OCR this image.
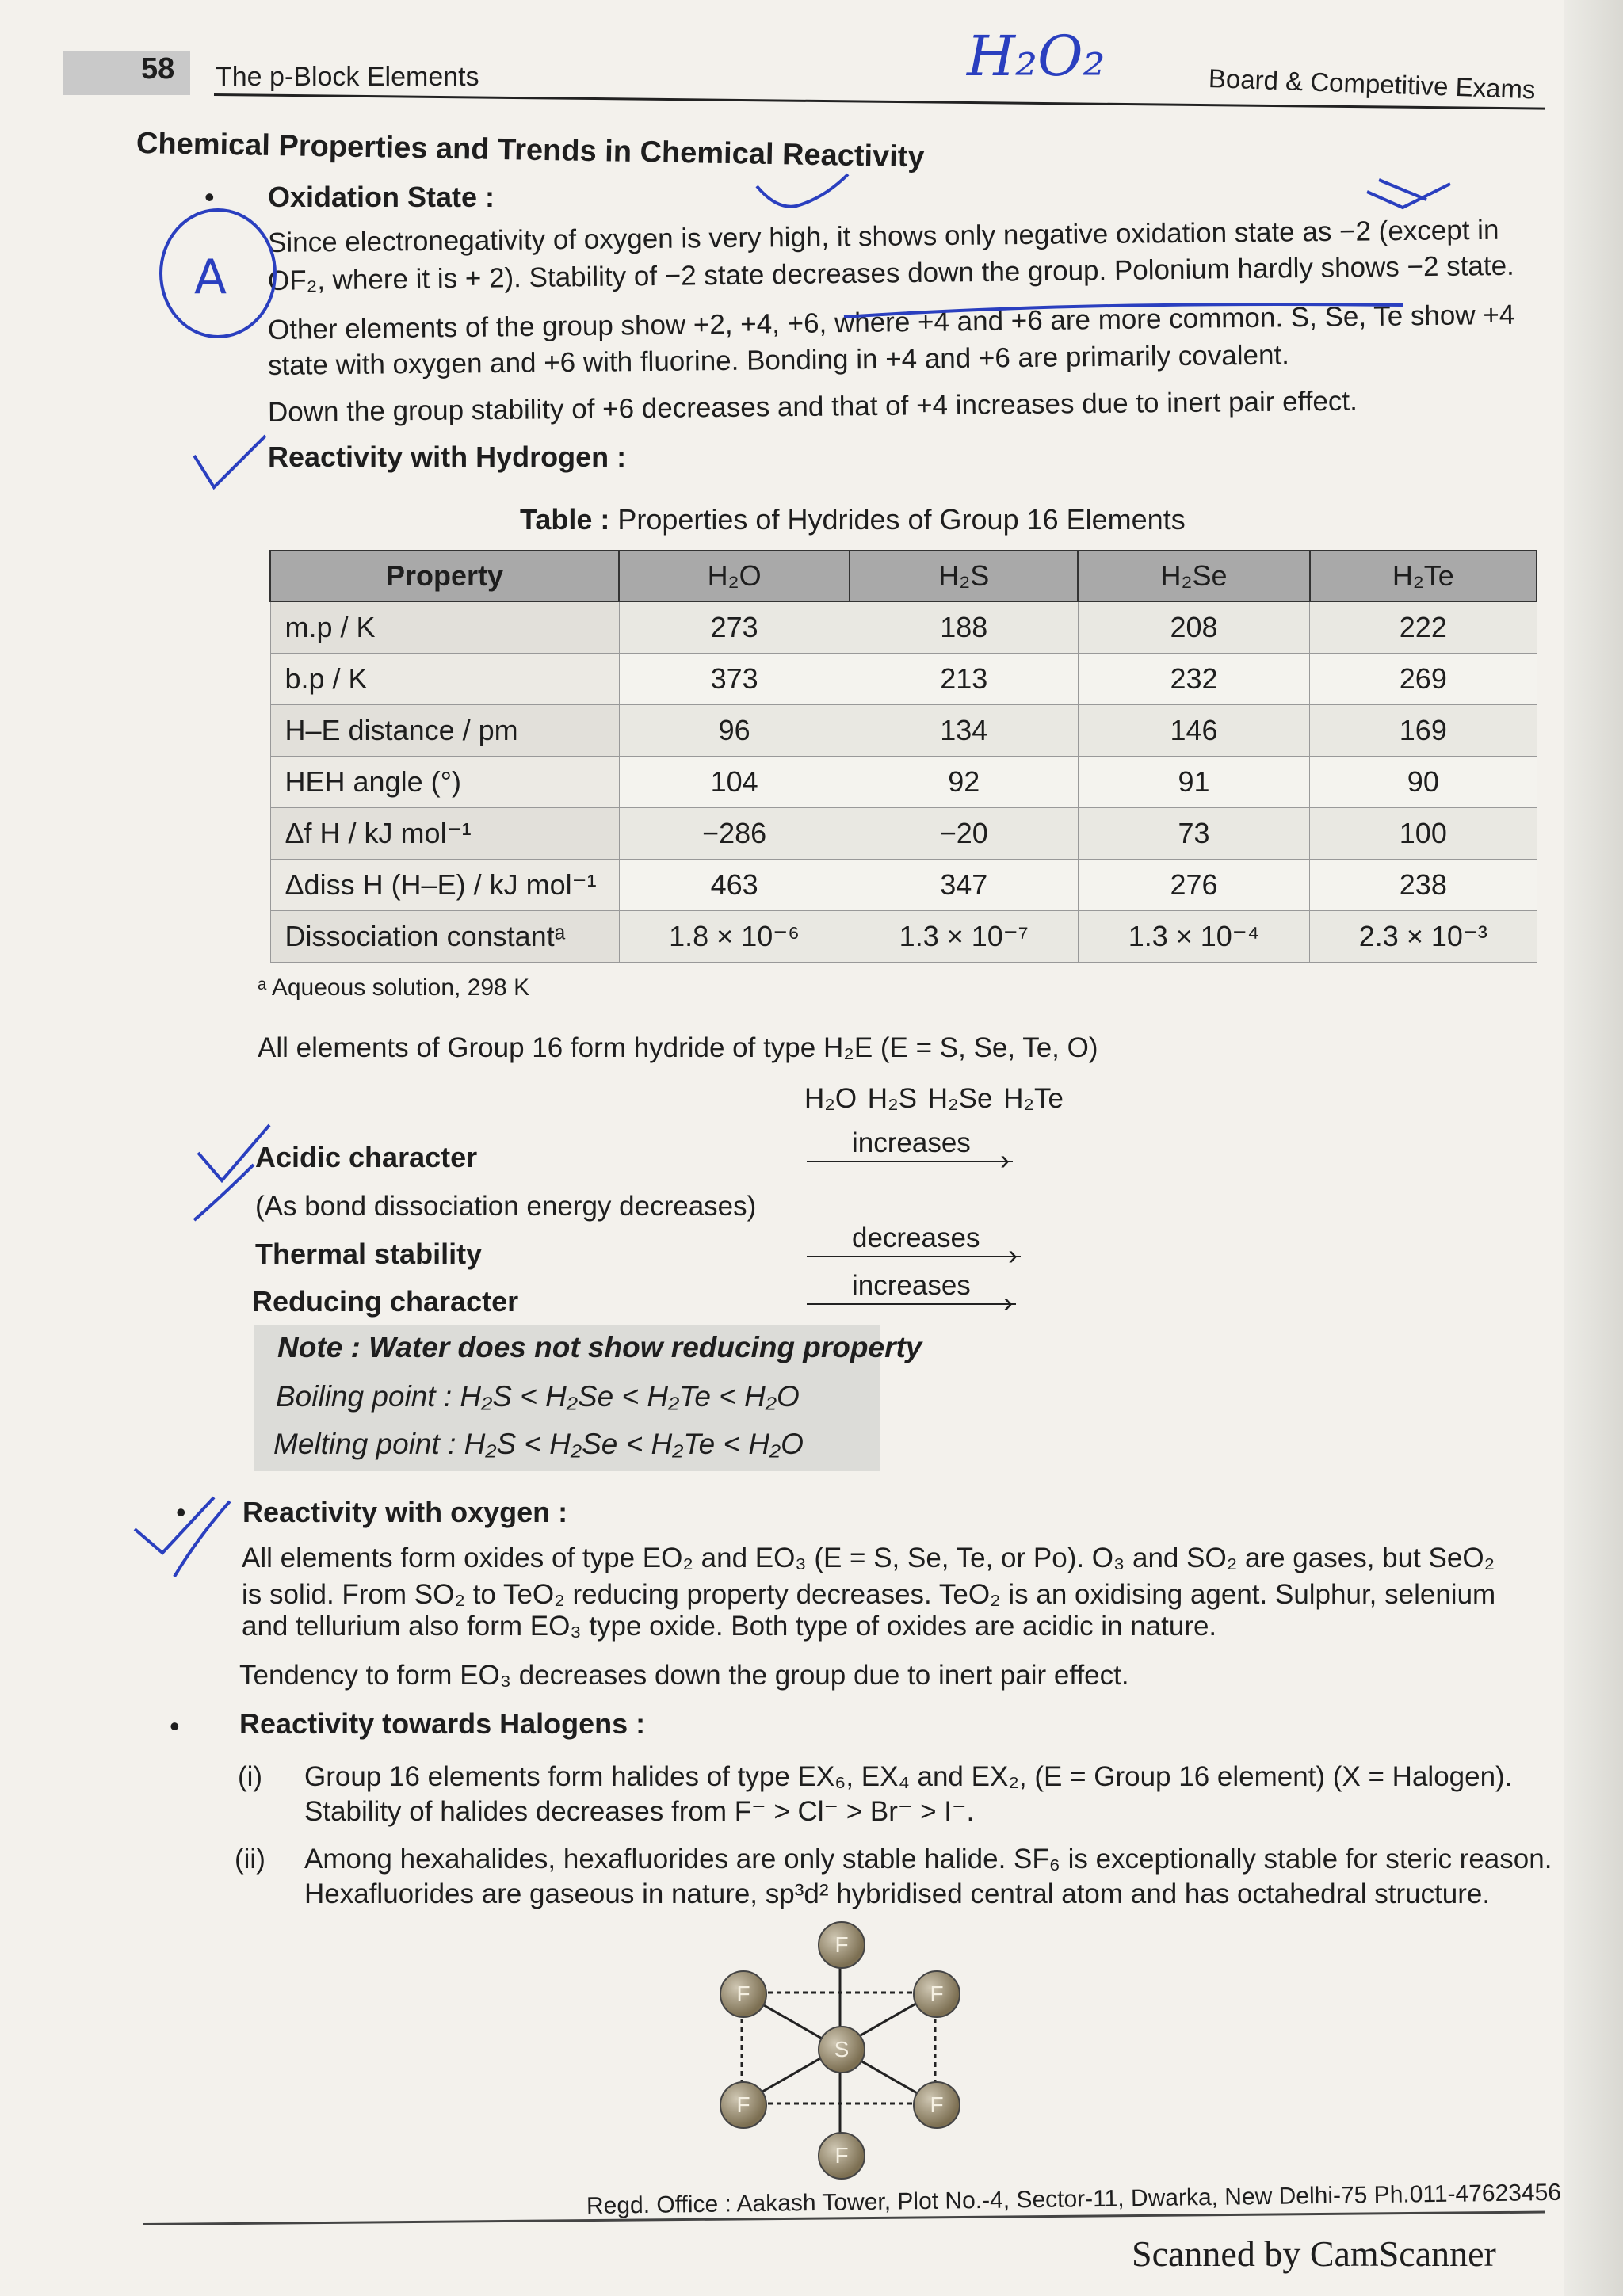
58 The p-Block Elements	Board & Competitive Exams
H₂O₂
Chemical Properties and Trends in Chemical Reactivity
• Oxidation State :
Since electronegativity of oxygen is very high, it shows only negative oxidation state as −2 (except in
OF₂, where it is + 2). Stability of −2 state decreases down the group. Polonium hardly shows −2 state.
Other elements of the group show +2, +4, +6, where +4 and +6 are more common. S, Se, Te show +4
state with oxygen and +6 with fluorine. Bonding in +4 and +6 are primarily covalent.
Down the group stability of +6 decreases and that of +4 increases due to inert pair effect.
A
Reactivity with Hydrogen :
Table : Properties of Hydrides of Group 16 Elements
Property	H₂O	H₂S	H₂Se	H₂Te
m.p / K	273	188	208	222
b.p / K	373	213	232	269
H–E distance / pm	96	134	146	169
HEH angle (°)	104	92	91	90
Δf H / kJ mol⁻¹	−286	−20	73	100
Δdiss H (H–E) / kJ mol⁻¹	463	347	276	238
Dissociation constantᵃ	1.8 × 10⁻⁶	1.3 × 10⁻⁷	1.3 × 10⁻⁴	2.3 × 10⁻³
ᵃ Aqueous solution, 298 K
All elements of Group 16 form hydride of type H₂E (E = S, Se, Te, O)
H₂O H₂S H₂Se H₂Te
Acidic character	increases
›
(As bond dissociation energy decreases)
Thermal stability	decreases
›
Reducing character	increases
›
Note : Water does not show reducing property
Boiling point : H₂S < H₂Se < H₂Te < H₂O
Melting point : H₂S < H₂Se < H₂Te < H₂O
• Reactivity with oxygen :
All elements form oxides of type EO₂ and EO₃ (E = S, Se, Te, or Po). O₃ and SO₂ are gases, but SeO₂
is solid. From SO₂ to TeO₂ reducing property decreases. TeO₂ is an oxidising agent. Sulphur, selenium
and tellurium also form EO₃ type oxide. Both type of oxides are acidic in nature.
Tendency to form EO₃ decreases down the group due to inert pair effect.
• Reactivity towards Halogens :
(i) Group 16 elements form halides of type EX₆, EX₄ and EX₂, (E = Group 16 element) (X = Halogen).
Stability of halides decreases from F⁻ > Cl⁻ > Br⁻ > I⁻.
(ii) Among hexahalides, hexafluorides are only stable halide. SF₆ is exceptionally stable for steric reason.
Hexafluorides are gaseous in nature, sp³d² hybridised central atom and has octahedral structure.
F
F	F
S
F	F
F
Regd. Office : Aakash Tower, Plot No.-4, Sector-11, Dwarka, New Delhi-75 Ph.011-47623456
Scanned by CamScanner
